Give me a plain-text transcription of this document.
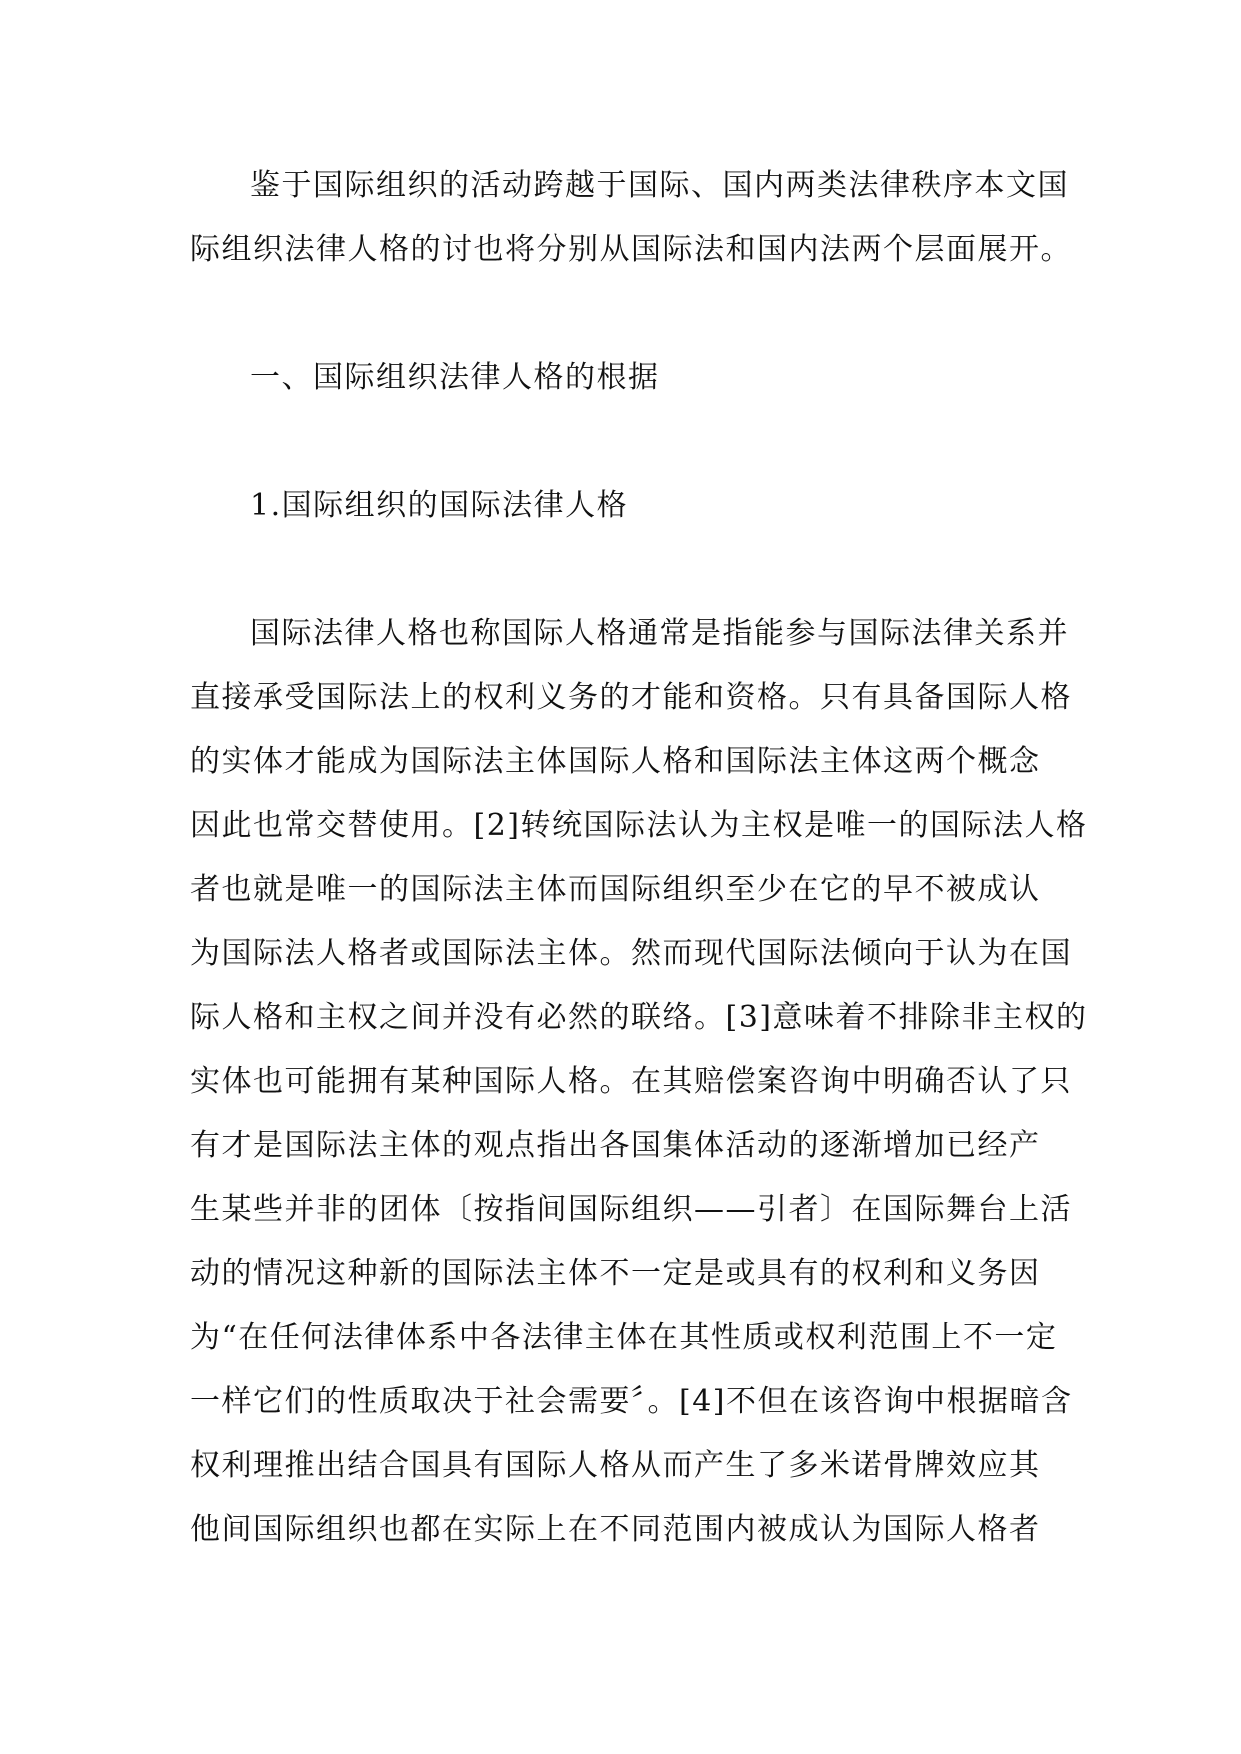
鉴于国际组织的活动跨越于国际、国内两类法律秩序本文国
际组织法律人格的讨也将分别从国际法和国内法两个层面展开。
一、国际组织法律人格的根据
1.国际组织的国际法律人格
国际法律人格也称国际人格通常是指能参与国际法律关系并
直接承受国际法上的权利义务的才能和资格。只有具备国际人格
的实体才能成为国际法主体国际人格和国际法主体这两个概念
因此也常交替使用。[2]转统国际法认为主权是唯一的国际法人格
者也就是唯一的国际法主体而国际组织至少在它的早不被成认
为国际法人格者或国际法主体。然而现代国际法倾向于认为在国
际人格和主权之间并没有必然的联络。[3]意味着不排除非主权的
实体也可能拥有某种国际人格。在其赔偿案咨询中明确否认了只
有才是国际法主体的观点指出各国集体活动的逐渐增加已经产
生某些并非的团体〔按指间国际组织——引者〕在国际舞台上活
动的情况这种新的国际法主体不一定是或具有的权利和义务因
为“在任何法律体系中各法律主体在其性质或权利范围上不一定
一样它们的性质取决于社会需要〞。[4]不但在该咨询中根据暗含
权利理推出结合国具有国际人格从而产生了多米诺骨牌效应其
他间国际组织也都在实际上在不同范围内被成认为国际人格者
